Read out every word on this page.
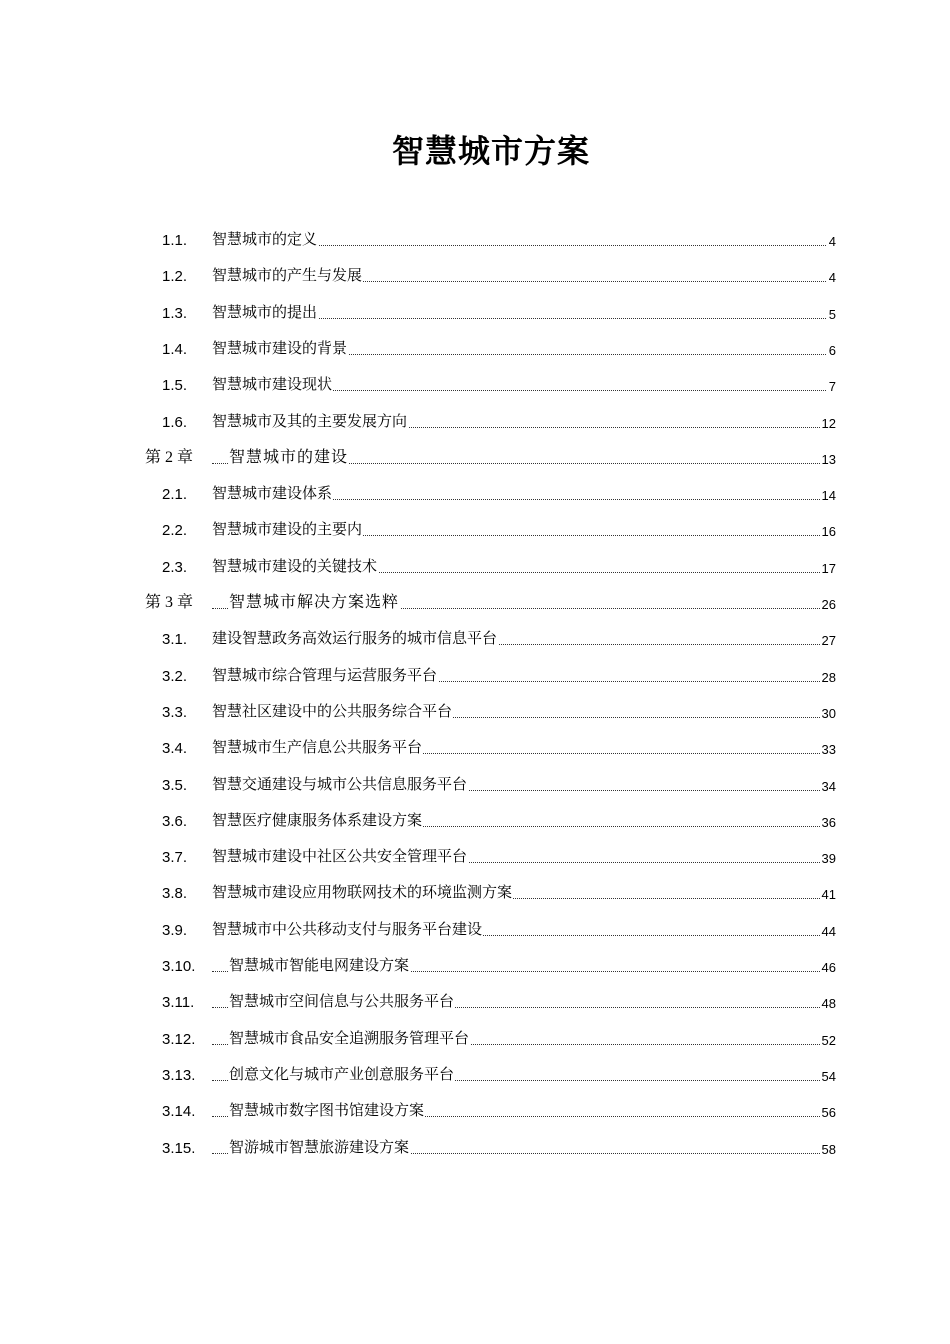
智慧城市方案
1.1. 智慧城市的定义	4
1.2. 智慧城市的产生与发展	4
1.3. 智慧城市的提出	5
1.4. 智慧城市建设的背景	6
1.5. 智慧城市建设现状	7
1.6. 智慧城市及其的主要发展方向	12
第 2 章 智慧城市的建设	13
2.1. 智慧城市建设体系	14
2.2. 智慧城市建设的主要内	16
2.3. 智慧城市建设的关键技术	17
第 3 章 智慧城市解决方案选粹	26
3.1. 建设智慧政务高效运行服务的城市信息平台	27
3.2. 智慧城市综合管理与运营服务平台	28
3.3. 智慧社区建设中的公共服务综合平台	30
3.4. 智慧城市生产信息公共服务平台	33
3.5. 智慧交通建设与城市公共信息服务平台	34
3.6. 智慧医疗健康服务体系建设方案	36
3.7. 智慧城市建设中社区公共安全管理平台	39
3.8. 智慧城市建设应用物联网技术的环境监测方案	41
3.9. 智慧城市中公共移动支付与服务平台建设	44
3.10. 智慧城市智能电网建设方案	46
3.11. 智慧城市空间信息与公共服务平台	48
3.12. 智慧城市食品安全追溯服务管理平台	52
3.13. 创意文化与城市产业创意服务平台	54
3.14. 智慧城市数字图书馆建设方案	56
3.15. 智游城市智慧旅游建设方案	58
